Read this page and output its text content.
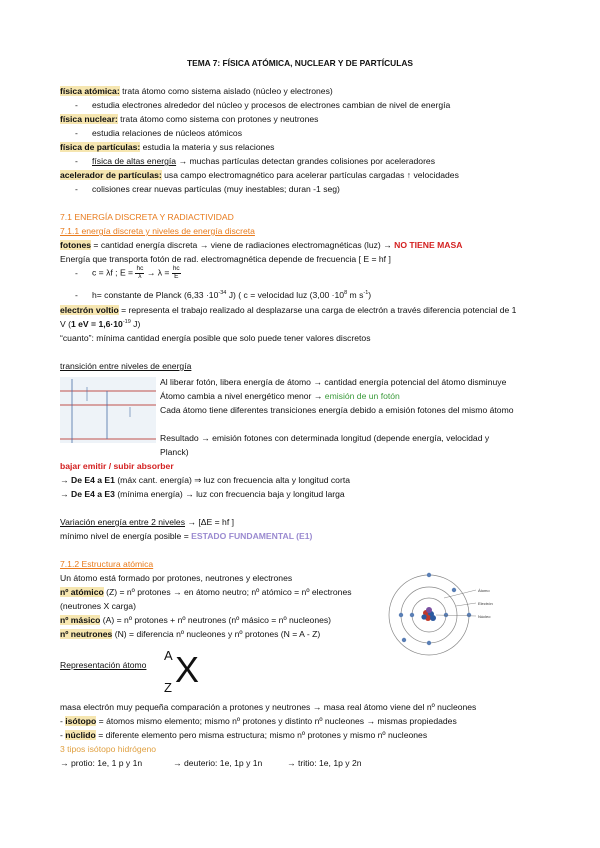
TEMA 7: FÍSICA ATÓMICA, NUCLEAR Y DE PARTÍCULAS
física atómica: trata átomo como sistema aislado (núcleo y electrones)
- estudia electrones alrededor del núcleo y procesos de electrones cambian de nivel de energía
física nuclear: trata átomo como sistema con protones y neutrones
- estudia relaciones de núcleos atómicos
física de partículas: estudia la materia y sus relaciones
- física de altas energía → muchas partículas detectan grandes colisiones por aceleradores
acelerador de partículas: usa campo electromagnético para acelerar partículas cargadas ↑ velocidades
- colisiones crear nuevas partículas (muy inestables; duran -1 seg)
7.1 ENERGÍA DISCRETA Y RADIACTIVIDAD
7.1.1 energía discreta y niveles de energía discreta
fotones = cantidad energía discreta → viene de radiaciones electromagnéticas (luz) → NO TIENE MASA
Energía que transporta fotón de rad. electromagnética depende de frecuencia [ E = hf ]
- c = λf ; $E = \frac{hc}{\lambda} \to \lambda = \frac{hc}{E}$
- h= constante de Planck ($6,33 \cdot 10^{-34}$ J) ( c = velocidad luz ($3,00 \cdot 10^8$ m $s^{-1}$)
electrón voltio = representa el trabajo realizado al desplazarse una carga de electrón a través diferencia potencial de 1
V (1 eV = $1,6\cdot 10^{-19}$ J)
“cuanto”: mínima cantidad energía posible que solo puede tener valores discretos
transición entre niveles de energía
Al liberar fotón, libera energía de átomo → cantidad energía potencial del átomo disminuye
Átomo cambia a nivel energético menor → emisión de un fotón
Cada átomo tiene diferentes transiciones energía debido a emisión fotones del mismo átomo
Resultado → emisión fotones con determinada longitud (depende energía, velocidad y
Planck)
bajar emitir / subir absorber
→ De E4 a E1 (máx cant. energía) ⇒ luz con frecuencia alta y longitud corta
→ De E4 a E3 (mínima energía) → luz con frecuencia baja y longitud larga
Variación energía entre 2 niveles → [ΔE = hf ]
mínimo nivel de energía posible = ESTADO FUNDAMENTAL (E1)
7.1.2 Estructura atómica
Un átomo está formado por protones, neutrones y electrones
nº atómico (Z) = nº protones → en átomo neutro; nº atómico = nº electrones
(neutrones X carga)
nº másico (A) = nº protones + nº neutrones (nº másico = nº nucleones)
nº neutrones (N) = diferencia nº nucleones y nº protones (N = A - Z)
Átomo
Electrón
Núcleo
Representación átomo
A
Z X
masa electrón muy pequeña comparación a protones y neutrones → masa real átomo viene del nº nucleones
- isótopo = átomos mismo elemento; mismo nº protones y distinto nº nucleones → mismas propiedades
- núclido = diferente elemento pero misma estructura; mismo nº protones y mismo nº nucleones
3 tipos isótopo hidrógeno
→ protio: 1e, 1 p y 1n	→ deuterio: 1e, 1p y 1n	→ tritio: 1e, 1p y 2n
